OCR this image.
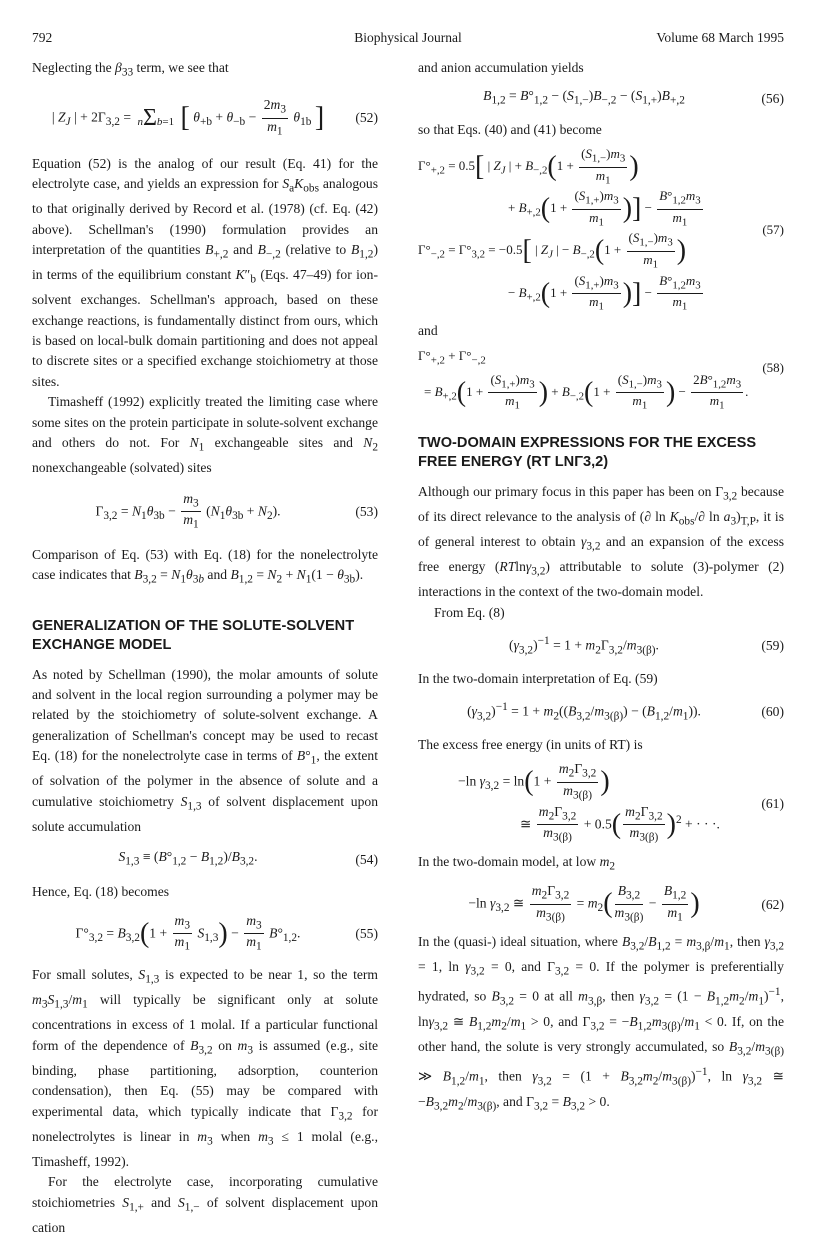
792	Biophysical Journal	Volume 68 March 1995

Neglecting the $\beta_{33}$ term, we see that

| $Z_J$ | + $2\Gamma_{3,2} = n\Sigma b=1$ [ $\theta_{+b} + \theta_{-b} - \frac{2m_3}{m_1} \theta_{1b}$ ] (52)

Equation (52) is the analog of our result (Eq. 41) for the electrolyte case, and yields an expression for $S_aK_{obs}$ analogous to that originally derived by Record et al. (1978) (cf. Eq. (42) above). Schellman's (1990) formulation provides an interpretation of the quantities $B_{+,2}$ and $B_{-,2}$ (relative to $B_{1,2}$) in terms of the equilibrium constant $K''_b$ (Eqs. 47–49) for ion-solvent exchanges. Schellman's approach, based on these exchange reactions, is fundamentally distinct from ours, which is based on local-bulk domain partitioning and does not appeal to discrete sites or a specified exchange stoichiometry at those sites.

Timasheff (1992) explicitly treated the limiting case where some sites on the protein participate in solute-solvent exchange and others do not. For $N_1$ exchangeable sites and $N_2$ nonexchangeable (solvated) sites

$\Gamma_{3,2} = N_1\theta_{3b} - \frac{m_3}{m_1} (N_1\theta_{3b} + N_2)$.	(53)

Comparison of Eq. (53) with Eq. (18) for the nonelectrolyte case indicates that $B_{3,2} = N_1\theta_{3b}$ and $B_{1,2} = N_2 + N_1(1 - \theta_{3b})$.

GENERALIZATION OF THE SOLUTE-SOLVENT EXCHANGE MODEL

As noted by Schellman (1990), the molar amounts of solute and solvent in the local region surrounding a polymer may be related by the stoichiometry of solute-solvent exchange. A generalization of Schellman's concept may be used to recast Eq. (18) for the nonelectrolyte case in terms of $B^\circ_1$, the extent of solvation of the polymer in the absence of solute and a cumulative stoichiometry $S_{1,3}$ of solvent displacement upon solute accumulation

$S_{1,3} \equiv (B^\circ_{1,2} - B_{1,2})/B_{3,2}$.	(54)

Hence, Eq. (18) becomes

$\Gamma^\circ_{3,2} = B_{3,2}(1 + \frac{m_3}{m_1} S_{1,3}) - \frac{m_3}{m_1} B^\circ_{1,2}$.	(55)

For small solutes, $S_{1,3}$ is expected to be near 1, so the term $m_3S_{1,3}/m_1$ will typically be significant only at solute concentrations in excess of 1 molal. If a particular functional form of the dependence of $B_{3,2}$ on $m_3$ is assumed (e.g., site binding, phase partitioning, adsorption, counterion condensation), then Eq. (55) may be compared with experimental data, which typically indicate that $\Gamma_{3,2}$ for nonelectrolytes is linear in $m_3$ when $m_3 \le 1$ molal (e.g., Timasheff, 1992).

For the electrolyte case, incorporating cumulative stoichiometries $S_{1,+}$ and $S_{1,-}$ of solvent displacement upon cation

and anion accumulation yields

$B_{1,2} = B^\circ_{1,2} - (S_{1,-})B_{-,2} - (S_{1,+})B_{+,2}$	(56)

so that Eqs. (40) and (41) become

$\Gamma^\circ_{+,2} = 0.5$[ | $Z_J$ | + $B_{-,2}(1 + \frac{(S_{1,-})m_3}{m_1}$ )
+ $B_{+,2}(1 + \frac{(S_{1,+})m_3}{m_1}$ )] − $\frac{B^\circ_{1,2}m_3}{m_1}$
$\Gamma^\circ_{-,2} = \Gamma^\circ_{3,2} = -0.5$[ | $Z_J$ | − $B_{-,2}(1 + \frac{(S_{1,-})m_3}{m_1}$ )
− $B_{+,2}(1 + \frac{(S_{1,+})m_3}{m_1}$ )] − $\frac{B^\circ_{1,2}m_3}{m_1}$
(57)

and

$\Gamma^\circ_{+,2} + \Gamma^\circ_{-,2}$
= $B_{+,2}(1 + \frac{(S_{1,+})m_3}{m_1}$ ) + $B_{-,2}(1 + \frac{(S_{1,-})m_3}{m_1}$ ) − $\frac{2B^\circ_{1,2}m_3}{m_1}$ .
(58)
TWO-DOMAIN EXPRESSIONS FOR THE EXCESS FREE ENERGY (RT LNΓ3,2)

Although our primary focus in this paper has been on $\Gamma_{3,2}$ because of its direct relevance to the analysis of (∂ $\ln K_{obs}/\partial$ $\ln a_3)_{T,P}$, it is of general interest to obtain $\gamma_{3,2}$ and an expansion of the excess free energy (RTlnγ$_{3,2}$) attributable to solute (3)-polymer (2) interactions in the context of the two-domain model.

From Eq. (8)

$(\gamma_{3,2})^{-1} = 1 + m_2\Gamma_{3,2}/m_{3(\beta)}$.	(59)

In the two-domain interpretation of Eq. (59)

$(\gamma_{3,2})^{-1} = 1 + m_2((B_{3,2}/m_{3(\beta)}) - (B_{1,2}/m_1))$.	(60)

The excess free energy (in units of RT) is

−ln $\gamma_{3,2} = \ln(1 + \frac{m_2\Gamma_{3,2}}{m_{3(\beta)}}$ )
≅ $\frac{m_2\Gamma_{3,2}}{m_{3(\beta)}} + 0.5( \frac{m_2\Gamma_{3,2}}{m_{3(\beta)}} )^2$ + · · ·.
(61)

In the two-domain model, at low $m_2$

−ln $\gamma_{3,2}$ ≅ $\frac{m_2\Gamma_{3,2}}{m_{3(\beta)}} = m_2( \frac{B_{3,2}}{m_{3(\beta)}} - \frac{B_{1,2}}{m_1}$ )	(62)

In the (quasi-) ideal situation, where $B_{3,2}/B_{1,2} = m_{3,\beta}/m_1$, then $\gamma_{3,2} = 1$, $\ln \gamma_{3,2} = 0$, and $\Gamma_{3,2} = 0$. If the polymer is preferentially hydrated, so $B_{3,2} = 0$ at all $m_{3,\beta}$, then $\gamma_{3,2} = (1 - B_{1,2}m_2/m_1)^{-1}$, lnγ$_{3,2}$ ≅ $B_{1,2}m_2/m_1 > 0$, and $\Gamma_{3,2} = -B_{1,2}m_{3(\beta)}/m_1 < 0$. If, on the other hand, the solute is very strongly accumulated, so $B_{3,2}/m_{3(\beta)}$ ≫ $B_{1,2}/m_1$, then $\gamma_{3,2} = (1 + B_{3,2}m_2/m_{3(\beta)})^{-1}$, $\ln \gamma_{3,2}$ ≅ $-B_{3,2}m_2/m_{3(\beta)}$, and $\Gamma_{3,2} = B_{3,2} > 0$.
